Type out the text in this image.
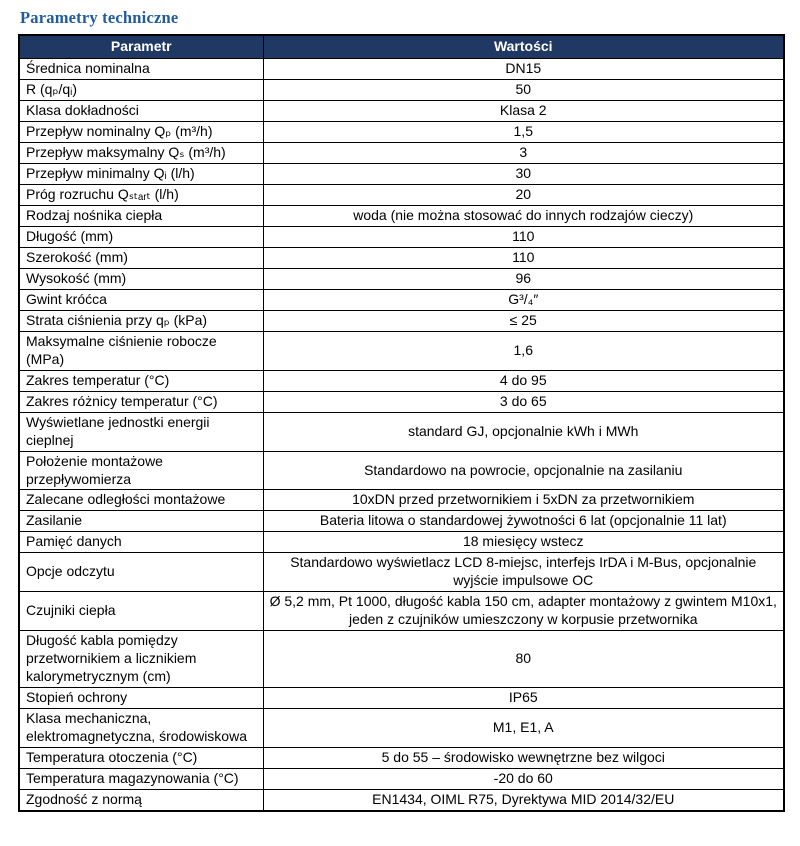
Parametry techniczne
Parametr	Wartości
Średnica nominalna	DN15
R (qₚ/qᵢ)	50
Klasa dokładności	Klasa 2
Przepływ nominalny Qₚ (m³/h)	1,5
Przepływ maksymalny Qₛ (m³/h)	3
Przepływ minimalny Qᵢ (l/h)	30
Próg rozruchu Qₛₜₐᵣₜ (l/h)	20
Rodzaj nośnika ciepła	woda (nie można stosować do innych rodzajów cieczy)
Długość (mm)	110
Szerokość (mm)	110
Wysokość (mm)	96
Gwint króćca	G³/₄″
Strata ciśnienia przy qₚ (kPa)	≤ 25
Maksymalne ciśnienie robocze (MPa)	1,6
Zakres temperatur (°C)	4 do 95
Zakres różnicy temperatur (°C)	3 do 65
Wyświetlane jednostki energii cieplnej	standard GJ, opcjonalnie kWh i MWh
Położenie montażowe przepływomierza	Standardowo na powrocie, opcjonalnie na zasilaniu
Zalecane odległości montażowe	10xDN przed przetwornikiem i 5xDN za przetwornikiem
Zasilanie	Bateria litowa o standardowej żywotności 6 lat (opcjonalnie 11 lat)
Pamięć danych	18 miesięcy wstecz
Opcje odczytu	Standardowo wyświetlacz LCD 8-miejsc, interfejs IrDA i M-Bus, opcjonalnie wyjście impulsowe OC
Czujniki ciepła	Ø 5,2 mm, Pt 1000, długość kabla 150 cm, adapter montażowy z gwintem M10x1, jeden z czujników umieszczony w korpusie przetwornika
Długość kabla pomiędzy przetwornikiem a licznikiem kalorymetrycznym (cm)	80
Stopień ochrony	IP65
Klasa mechaniczna, elektromagnetyczna, środowiskowa	M1, E1, A
Temperatura otoczenia (°C)	5 do 55 – środowisko wewnętrzne bez wilgoci
Temperatura magazynowania (°C)	-20 do 60
Zgodność z normą	EN1434, OIML R75, Dyrektywa MID 2014/32/EU
